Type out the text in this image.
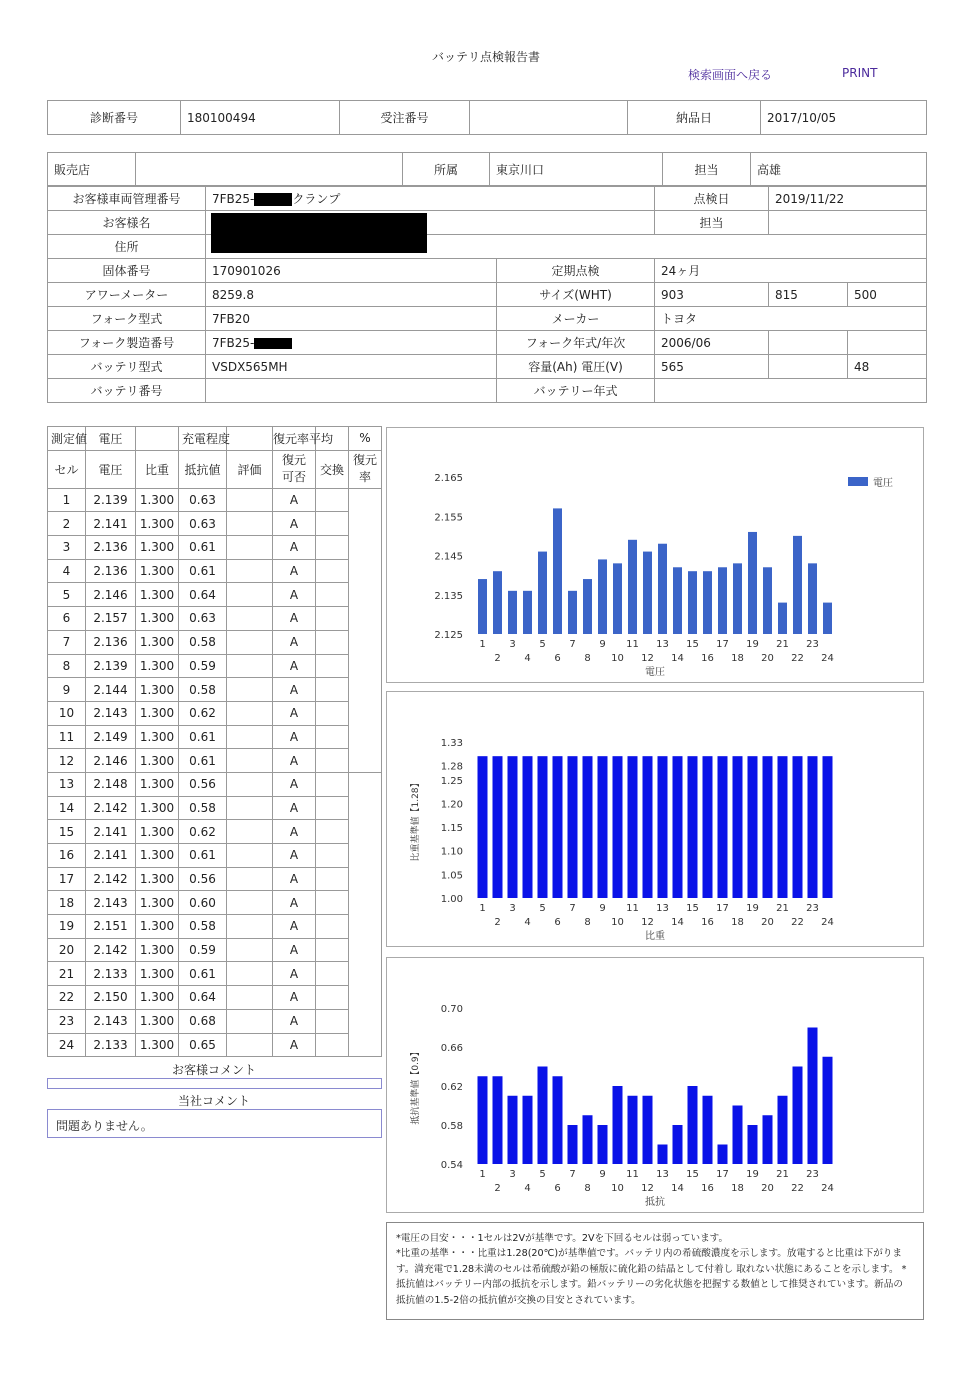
バッテリ点検報告書
検索画面へ戻る	PRINT
診断番号	180100494	受注番号		納品日	2017/10/05
販売店		所属	東京川口	担当	高雄
お客様車両管理番号	7FB25- クランプ		点検日	2019/11/22	
お客様名			担当		
住所					
固体番号	170901026	定期点検	24ヶ月		
アワーメーター	8259.8	サイズ(WHT)	903	815	500
フォーク型式	7FB20	メーカー	トヨタ		
フォーク製造番号	7FB25-	フォーク年式/年次	2006/06		
バッテリ型式	VSDX565MH	容量(Ah) 電圧(V)	565		48
バッテリ番号		バッテリー年式			
測定値	電圧		充電程度		復元率平均		%
セル	電圧	比重	抵抗値	評価	復元
可否	交換	復元
率
1	2.139	1.300	0.63		A		
2	2.141	1.300	0.63		A		
3	2.136	1.300	0.61		A		
4	2.136	1.300	0.61		A		
5	2.146	1.300	0.64		A		
6	2.157	1.300	0.63		A		
7	2.136	1.300	0.58		A		
8	2.139	1.300	0.59		A		
9	2.144	1.300	0.58		A		
10	2.143	1.300	0.62		A		
11	2.149	1.300	0.61		A		
12	2.146	1.300	0.61		A		
13	2.148	1.300	0.56		A		
14	2.142	1.300	0.58		A		
15	2.141	1.300	0.62		A		
16	2.141	1.300	0.61		A		
17	2.142	1.300	0.56		A		
18	2.143	1.300	0.60		A		
19	2.151	1.300	0.58		A		
20	2.142	1.300	0.59		A		
21	2.133	1.300	0.61		A		
22	2.150	1.300	0.64		A		
23	2.143	1.300	0.68		A		
24	2.133	1.300	0.65		A		
お客様コメント
当社コメント
問題ありません。
2.125
2.135
2.145
2.155
2.165
1
2
3
4
5
6
7
8
9
10
11
12
13
14
15
16
17
18
19
20
21
22
23
24
電圧
電圧
1.00
1.05
1.10
1.15
1.20
1.25
1.28
1.33
1
2
3
4
5
6
7
8
9
10
11
12
13
14
15
16
17
18
19
20
21
22
23
24
比重
比重基準値【1.28】
0.54
0.58
0.62
0.66
0.70
1
2
3
4
5
6
7
8
9
10
11
12
13
14
15
16
17
18
19
20
21
22
23
24
抵抗
抵抗基準値【0.9】

*電圧の目安・・・1セルは2Vが基準です。2Vを下回るセルは弱っています。

*比重の基準・・・比重は1.28(20℃)が基準値です。バッテリ内の希硫酸濃度を示します。放電すると比重は下がりま

す。満充電で1.28未満のセルは希硫酸が鉛の極版に硫化鉛の結晶として付着し 取れない状態にあることを示します。 *

抵抗値はバッテリー内部の抵抗を示します。鉛バッテリーの劣化状態を把握する数値として推奨されています。新品の

抵抗値の1.5-2倍の抵抗値が交換の目安とされています。
